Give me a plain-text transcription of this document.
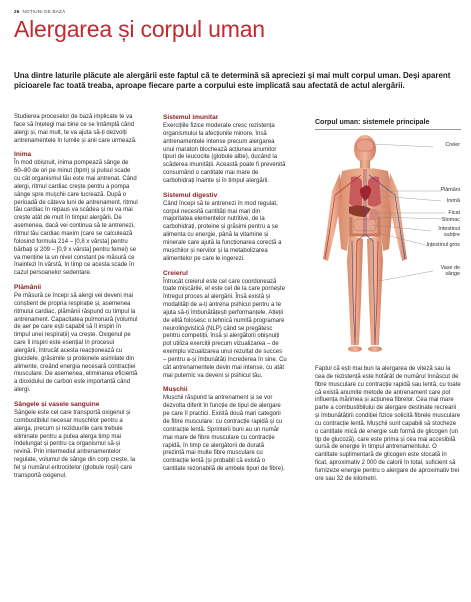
26 NOȚIUNI DE BAZĂ
Alergarea și corpul uman
Una dintre laturile plăcute ale alergării este faptul că te determină să apreciezi și mai mult corpul uman. Deși aparent picioarele fac toată treaba, aproape fiecare parte a corpului este implicată sau afectată de actul alergării.

Studierea proceselor de bază implicate te va face să înțelegi mai bine ce se întâmplă când alergi și, mai mult, te va ajuta să-ți dezvolți antrenamentele în lumile și anii care urmează.

Inima

În mod obișnuit, inima pompează sânge de 60–80 de ori pe minut (bpm) și pulsul scade cu cât organismul tău este mai antrenat. Când alergi, ritmul cardiac crește pentru a pompa sânge spre mușchii care lucrează. După o perioadă de câteva luni de antrenament, ritmul tău cardiac în repaus va scădea și nu va mai crește atât de mult în timpul alergării. De asemenea, dacă vei continua să te antrenezi, ritmul tău cardiac maxim (care se calculează folosind formula 214 – [0,8 x vârsta] pentru bărbați și 209 – [0,9 x vârsta] pentru femei) se va menține la un nivel constant pe măsură ce înaintezi în vârstă, în timp ce acesta scade în cazul persoanelor sedentare.

Plămânii

Pe măsură ce începi să alergi vei deveni mai conștient de propria respirație și, asemenea ritmului cardiac, plămânii răspund cu timpul la antrenament. Capacitatea pulmonară (volumul de aer pe care ești capabil să îl inspiri în timpul unei respirații) va crește. Oxigenul pe care îl inspiri este esențial în procesul alergării, întrucât acesta reacționează cu glucidele, grăsimile și proteinele asimilate din alimente, creând energia necesară contracției musculare. De asemenea, eliminarea eficientă a dioxidului de carbon este importantă când alergi.

Sângele și vasele sanguine

Sângele este cel care transportă oxigenul și combustibilul necesar mușchilor pentru a alerga, precum și reziduurile care trebuie eliminate pentru a putea alerga timp mai îndelungat și pentru ca organismul să-și revină. Prin intermediul antrenamentelor regulate, volumul de sânge din corp crește, la fel și numărul eritrocitelor (globule roșii) care transportă oxigenul.

Sistemul imunitar

Exercițiile fizice moderate cresc rezistența organismului la afecțiunile minore, însă antrenamentele intense precum alergarea unui maraton blochează acțiunea anumitor tipuri de leucocite (globule albe), ducând la scăderea imunității. Această poate fi prevenită consumând o cantitate mai mare de carbohidrați înainte și în timpul alergării.

Sistemul digestiv

Când începi să te antrenezi în mod regulat, corpul necesită cantități mai mari din majoritatea elementelor nutritive, de la carbohidrați, proteine și grăsimi pentru a se alimenta cu energie, până la vitamine și minerale care ajută la funcționarea corectă a mușchilor și nervilor și la metabolizarea alimentelor pe care le ingerezi.

Creierul

Întrucât creierul este cel care coordonează toate mișcările, el este cel de la care pornește întregul proces al alergării. Însă există și modalități de a-ți antrena psihicul pentru a te ajuta să-ți îmbunătățești performanțele. Atleții de elită folosesc o tehnică numită programare neurolingvistică (NLP) când se pregătesc pentru competiții, însă și alergătorii obișnuiți pot utiliza exerciții precum vizualizarea – de exemplu vizualizarea unui rezultat de succes – pentru a-și îmbunătăți încrederea în sine. Cu cât antrenamentele devin mai intense, cu atât mai puternic va deveni și psihicul tău.

Mușchii

Mușchii răspund la antrenament și se vor dezvolta diferit în funcție de tipul de alergare pe care îl practici. Există două mari categorii de fibre musculare: cu contracție rapidă și cu contracție lentă. Sprinterii buni au un număr mai mare de fibre musculare cu contracție rapidă, în timp ce alergătorii de durată prezintă mai multe fibre musculare cu contracție lentă (și probabil că există o cantitate rezonabilă de ambele tipuri de fibre).

Corpul uman: sistemele principale
Creier
Plămâni
Inimă
Ficat
Stomac
Intestinul subțire
Intestinul gros
Vase de sânge

Faptul că ești mai bun la alergarea de viteză sau la cea de rezistență este hotărât de numărul înnăscut de fibre musculare cu contracție rapidă sau lentă, cu toate că există anumite metode de antrenament care pot influența mărimea și acțiunea fibrelor. Cea mai mare parte a combustibilului de alergare destinate recrearii și îmbunătățirii condiției fizice solicită fibrele musculare cu contracție lentă. Mușchii sunt capabili să stocheze o cantitate mică de energie sub formă de glicogen (un tip de glucoză), care este prima și cea mai accesibilă sursă de energie în timpul antrenamentului. O cantitate suplimentară de glicogen este stocată în ficat, aproximativ 2 000 de calorii în total, suficient să furnizeze energie pentru o alergare de aproximativ trei ore sau 32 de kilometri.
